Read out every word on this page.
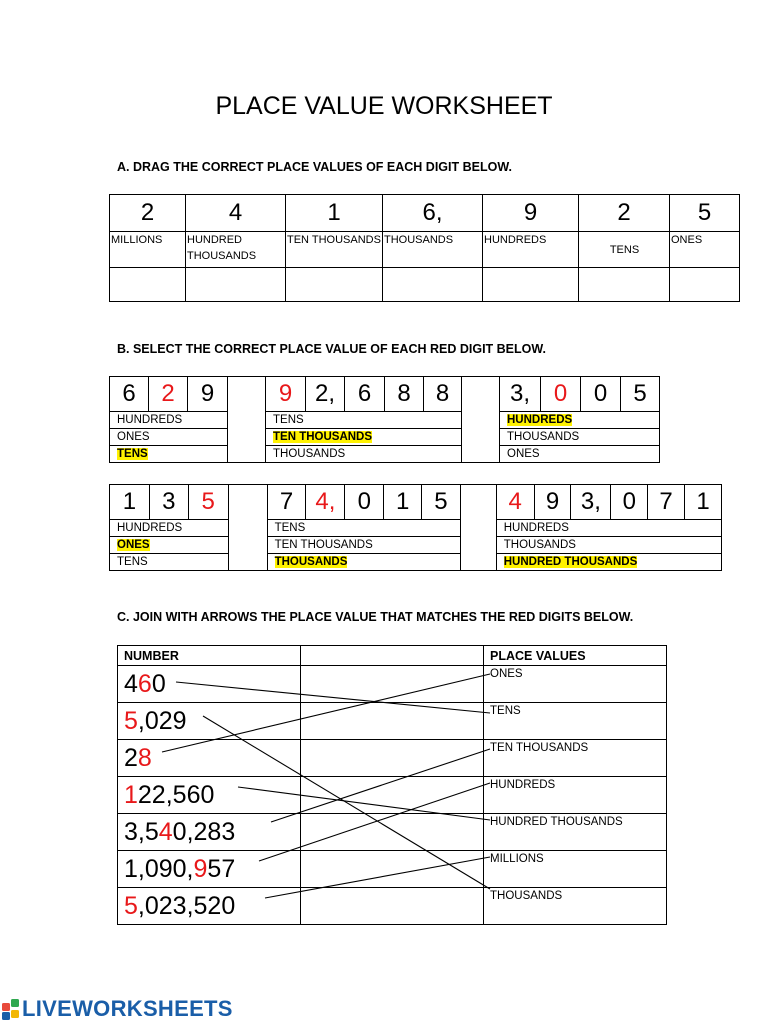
PLACE VALUE WORKSHEET
A. DRAG THE CORRECT PLACE VALUES OF EACH DIGIT BELOW.
2	4	1	6,	9	2	5
MILLIONS	HUNDRED THOUSANDS	TEN THOUSANDS	THOUSANDS	HUNDREDS	TENS	ONES

B. SELECT THE CORRECT PLACE VALUE OF EACH RED DIGIT BELOW.
6	2	9		9	2,	6	8	8		3,	0	0	5
HUNDREDS				TENS						HUNDREDS			
ONES				TEN THOUSANDS						THOUSANDS			
TENS				THOUSANDS						ONES			
1	3	5		7	4,	0	1	5		4	9	3,	0	7	1
HUNDREDS				TENS						HUNDREDS					
ONES				TEN THOUSANDS						THOUSANDS					
TENS				THOUSANDS						HUNDRED THOUSANDS					
C. JOIN WITH ARROWS THE PLACE VALUE THAT MATCHES THE RED DIGITS BELOW.
NUMBER		PLACE VALUES
460		ONES
5,029		TENS
28		TEN THOUSANDS
122,560		HUNDREDS
3,540,283		HUNDRED THOUSANDS
1,090,957		MILLIONS
5,023,520		THOUSANDS
LIVEWORKSHEETS
